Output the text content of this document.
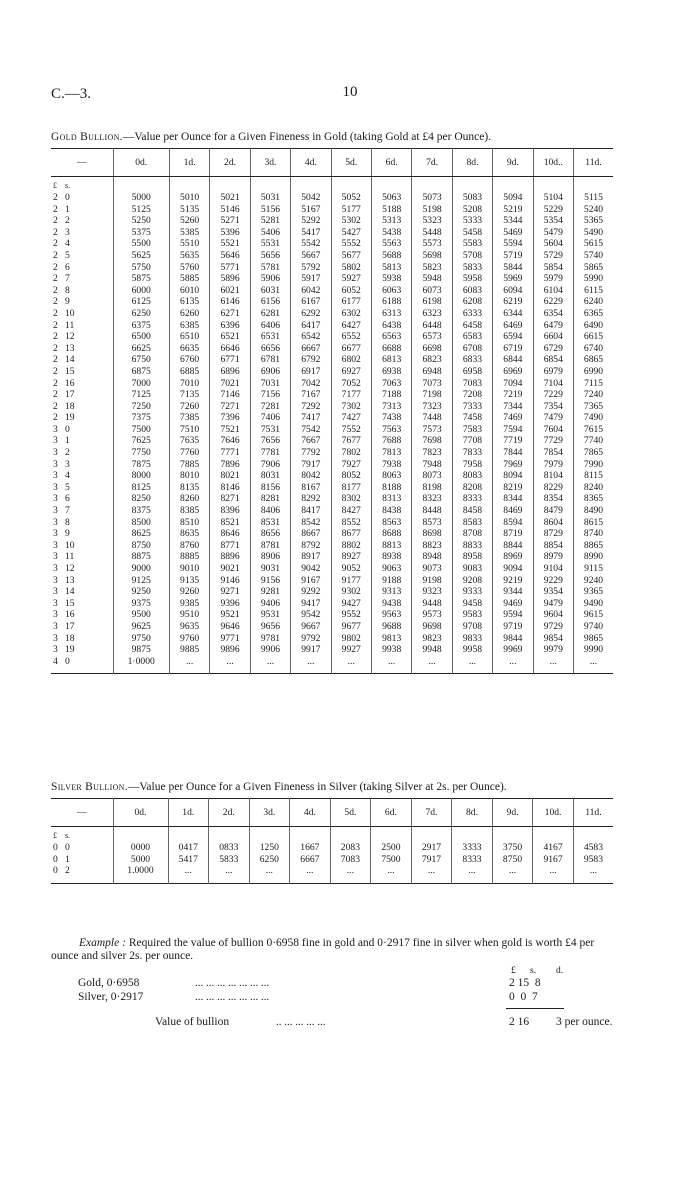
C.—3.	10
Gold Bullion.—Value per Ounce for a Given Fineness in Gold (taking Gold at £4 per Ounce).
—	0d.	1d.	2d.	3d.	4d.	5d.	6d.	7d.	8d.	9d.	10d..	11d.
£ s.												
2 0	5000	5010	5021	5031	5042	5052	5063	5073	5083	5094	5104	5115
2 1	5125	5135	5146	5156	5167	5177	5188	5198	5208	5219	5229	5240
2 2	5250	5260	5271	5281	5292	5302	5313	5323	5333	5344	5354	5365
2 3	5375	5385	5396	5406	5417	5427	5438	5448	5458	5469	5479	5490
2 4	5500	5510	5521	5531	5542	5552	5563	5573	5583	5594	5604	5615
2 5	5625	5635	5646	5656	5667	5677	5688	5698	5708	5719	5729	5740
2 6	5750	5760	5771	5781	5792	5802	5813	5823	5833	5844	5854	5865
2 7	5875	5885	5896	5906	5917	5927	5938	5948	5958	5969	5979	5990
2 8	6000	6010	6021	6031	6042	6052	6063	6073	6083	6094	6104	6115
2 9	6125	6135	6146	6156	6167	6177	6188	6198	6208	6219	6229	6240
2 10	6250	6260	6271	6281	6292	6302	6313	6323	6333	6344	6354	6365
2 11	6375	6385	6396	6406	6417	6427	6438	6448	6458	6469	6479	6490
2 12	6500	6510	6521	6531	6542	6552	6563	6573	6583	6594	6604	6615
2 13	6625	6635	6646	6656	6667	6677	6688	6698	6708	6719	6729	6740
2 14	6750	6760	6771	6781	6792	6802	6813	6823	6833	6844	6854	6865
2 15	6875	6885	6896	6906	6917	6927	6938	6948	6958	6969	6979	6990
2 16	7000	7010	7021	7031	7042	7052	7063	7073	7083	7094	7104	7115
2 17	7125	7135	7146	7156	7167	7177	7188	7198	7208	7219	7229	7240
2 18	7250	7260	7271	7281	7292	7302	7313	7323	7333	7344	7354	7365
2 19	7375	7385	7396	7406	7417	7427	7438	7448	7458	7469	7479	7490
3 0	7500	7510	7521	7531	7542	7552	7563	7573	7583	7594	7604	7615
3 1	7625	7635	7646	7656	7667	7677	7688	7698	7708	7719	7729	7740
3 2	7750	7760	7771	7781	7792	7802	7813	7823	7833	7844	7854	7865
3 3	7875	7885	7896	7906	7917	7927	7938	7948	7958	7969	7979	7990
3 4	8000	8010	8021	8031	8042	8052	8063	8073	8083	8094	8104	8115
3 5	8125	8135	8146	8156	8167	8177	8188	8198	8208	8219	8229	8240
3 6	8250	8260	8271	8281	8292	8302	8313	8323	8333	8344	8354	8365
3 7	8375	8385	8396	8406	8417	8427	8438	8448	8458	8469	8479	8490
3 8	8500	8510	8521	8531	8542	8552	8563	8573	8583	8594	8604	8615
3 9	8625	8635	8646	8656	8667	8677	8688	8698	8708	8719	8729	8740
3 10	8750	8760	8771	8781	8792	8802	8813	8823	8833	8844	8854	8865
3 11	8875	8885	8896	8906	8917	8927	8938	8948	8958	8969	8979	8990
3 12	9000	9010	9021	9031	9042	9052	9063	9073	9083	9094	9104	9115
3 13	9125	9135	9146	9156	9167	9177	9188	9198	9208	9219	9229	9240
3 14	9250	9260	9271	9281	9292	9302	9313	9323	9333	9344	9354	9365
3 15	9375	9385	9396	9406	9417	9427	9438	9448	9458	9469	9479	9490
3 16	9500	9510	9521	9531	9542	9552	9563	9573	9583	9594	9604	9615
3 17	9625	9635	9646	9656	9667	9677	9688	9698	9708	9719	9729	9740
3 18	9750	9760	9771	9781	9792	9802	9813	9823	9833	9844	9854	9865
3 19	9875	9885	9896	9906	9917	9927	9938	9948	9958	9969	9979	9990
4 0	1·0000	...	...	...	...	...	...	...	...	...	...	...
Silver Bullion.—Value per Ounce for a Given Fineness in Silver (taking Silver at 2s. per Ounce).
—	0d.	1d.	2d.	3d.	4d.	5d.	6d.	7d.	8d.	9d.	10d.	11d.
£ s.												
0 0	0000	0417	0833	1250	1667	2083	2500	2917	3333	3750	4167	4583
0 1	5000	5417	5833	6250	6667	7083	7500	7917	8333	8750	9167	9583
0 2	1.0000	...	...	...	...	...	...	...	...	...	...	...
Example : Required the value of bullion 0·6958 fine in gold and 0·2917 fine in silver when gold is worth £4 per ounce and silver 2s. per ounce.
£ s. d.
Gold, 0·6958	... ... ... ... ... ... ...	2 15  8
Silver, 0·2917	... ... ... ... ... ... ...	0  0  7
Value of bullion	.. ... ... ... ...	2 16 3 per ounce.
